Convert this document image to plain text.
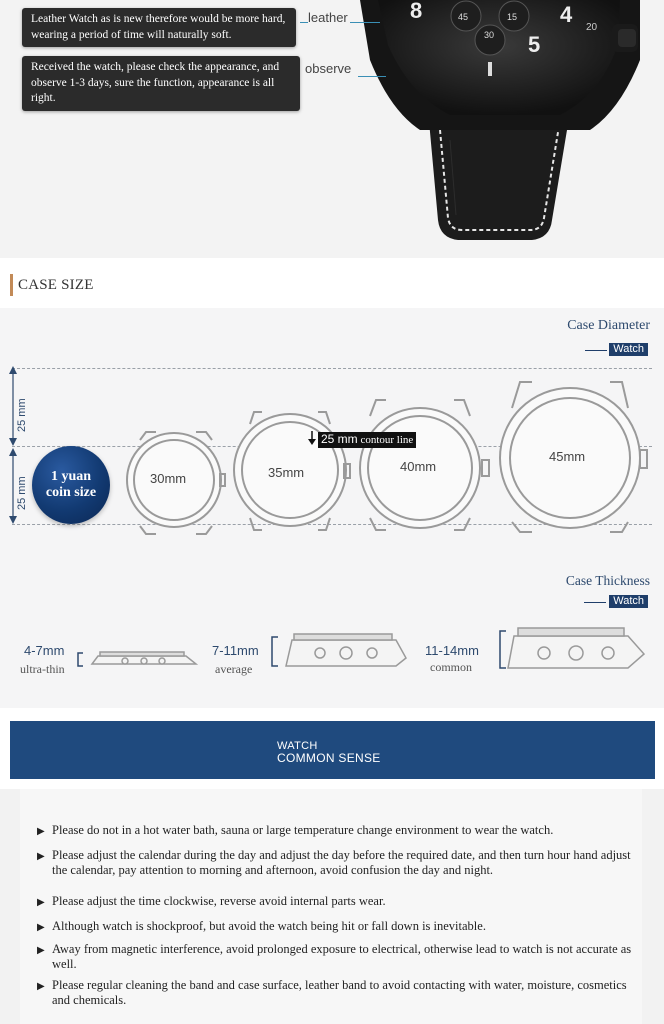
8	45	15
30
4
5
20
Leather Watch as is new therefore would be more hard, wearing a period of time will naturally soft.
leather
Received the watch, please check the appearance, and observe 1-3 days, sure the function, appearance is all right.
observe
CASE SIZE
Case Diameter
Watch
25 mm
25 mm	1 yuan
coin size
30mm	35mm	40mm
45mm
25 mm contour line
Case Thickness
Watch
4-7mm
ultra-thin
7-11mm
average
11-14mm
common
WATCH
COMMON SENSE
▶ Please do not in a hot water bath, sauna or large temperature change environment to wear the watch.
▶ Please adjust the calendar during the day and adjust the day before the required date, and then turn hour hand adjust the calendar, pay attention to morning and afternoon, avoid confusion the day and night.
▶ Please adjust the time clockwise, reverse avoid internal parts wear.
▶ Although watch is shockproof, but avoid the watch being hit or fall down is inevitable.
▶ Away from magnetic interference, avoid prolonged exposure to electrical, otherwise lead to watch is not accurate as well.
▶ Please regular cleaning the band and case surface, leather band to avoid contacting with water, moisture, cosmetics and chemicals.
